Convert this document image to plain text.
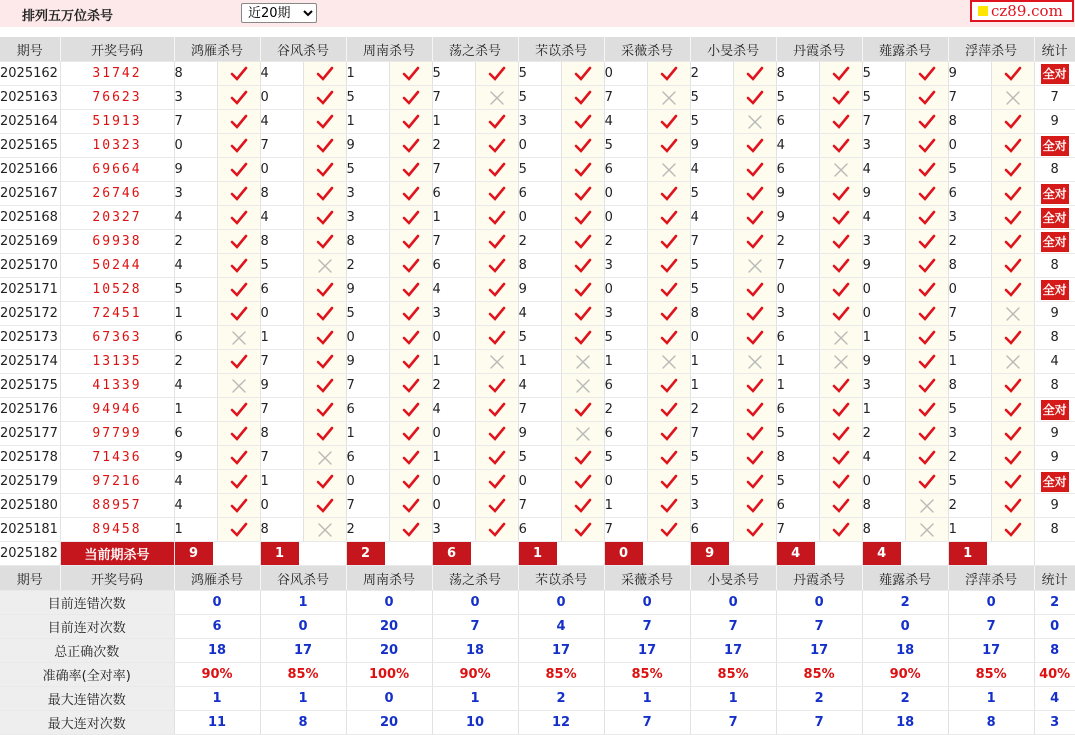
排列五万位杀号
近20期	cz89.com
期号	开奖号码	鸿雁杀号		谷风杀号		周南杀号		荡之杀号		芣苡杀号		采薇杀号		小旻杀号		丹霞杀号		薤露杀号		浮萍杀号		统计
2025162	31742	8		4		1		5		5		0		2		8		5		9		全对
2025163	76623	3		0		5		7		5		7		5		5		5		7		7
2025164	51913	7		4		1		1		3		4		5		6		7		8		9
2025165	10323	0		7		9		2		0		5		9		4		3		0		全对
2025166	69664	9		0		5		7		5		6		4		6		4		5		8
2025167	26746	3		8		3		6		6		0		5		9		9		6		全对
2025168	20327	4		4		3		1		0		0		4		9		4		3		全对
2025169	69938	2		8		8		7		2		2		7		2		3		2		全对
2025170	50244	4		5		2		6		8		3		5		7		9		8		8
2025171	10528	5		6		9		4		9		0		5		0		0		0		全对
2025172	72451	1		0		5		3		4		3		8		3		0		7		9
2025173	67363	6		1		0		0		5		5		0		6		1		5		8
2025174	13135	2		7		9		1		1		1		1		1		9		1		4
2025175	41339	4		9		7		2		4		6		1		1		3		8		8
2025176	94946	1		7		6		4		7		2		2		6		1		5		全对
2025177	97799	6		8		1		0		9		6		7		5		2		3		9
2025178	71436	9		7		6		1		5		5		5		8		4		2		9
2025179	97216	4		1		0		0		0		0		5		5		0		5		全对
2025180	88957	4		0		7		0		7		1		3		6		8		2		9
2025181	89458	1		8		2		3		6		7		6		7		8		1		8
2025182	当前期杀号	9		1		2		6		1		0		9		4		4		1		
期号	开奖号码	鸿雁杀号		谷风杀号		周南杀号		荡之杀号		芣苡杀号		采薇杀号		小旻杀号		丹霞杀号		薤露杀号		浮萍杀号		统计
目前连错次数		0		1		0		0		0		0		0		0		2		0		2
目前连对次数		6		0		20		7		4		7		7		7		0		7		0
总正确次数		18		17		20		18		17		17		17		17		18		17		8
准确率(全对率)		90%		85%		100%		90%		85%		85%		85%		85%		90%		85%		40%
最大连错次数		1		1		0		1		2		1		1		2		2		1		4
最大连对次数		11		8		20		10		12		7		7		7		18		8		3
